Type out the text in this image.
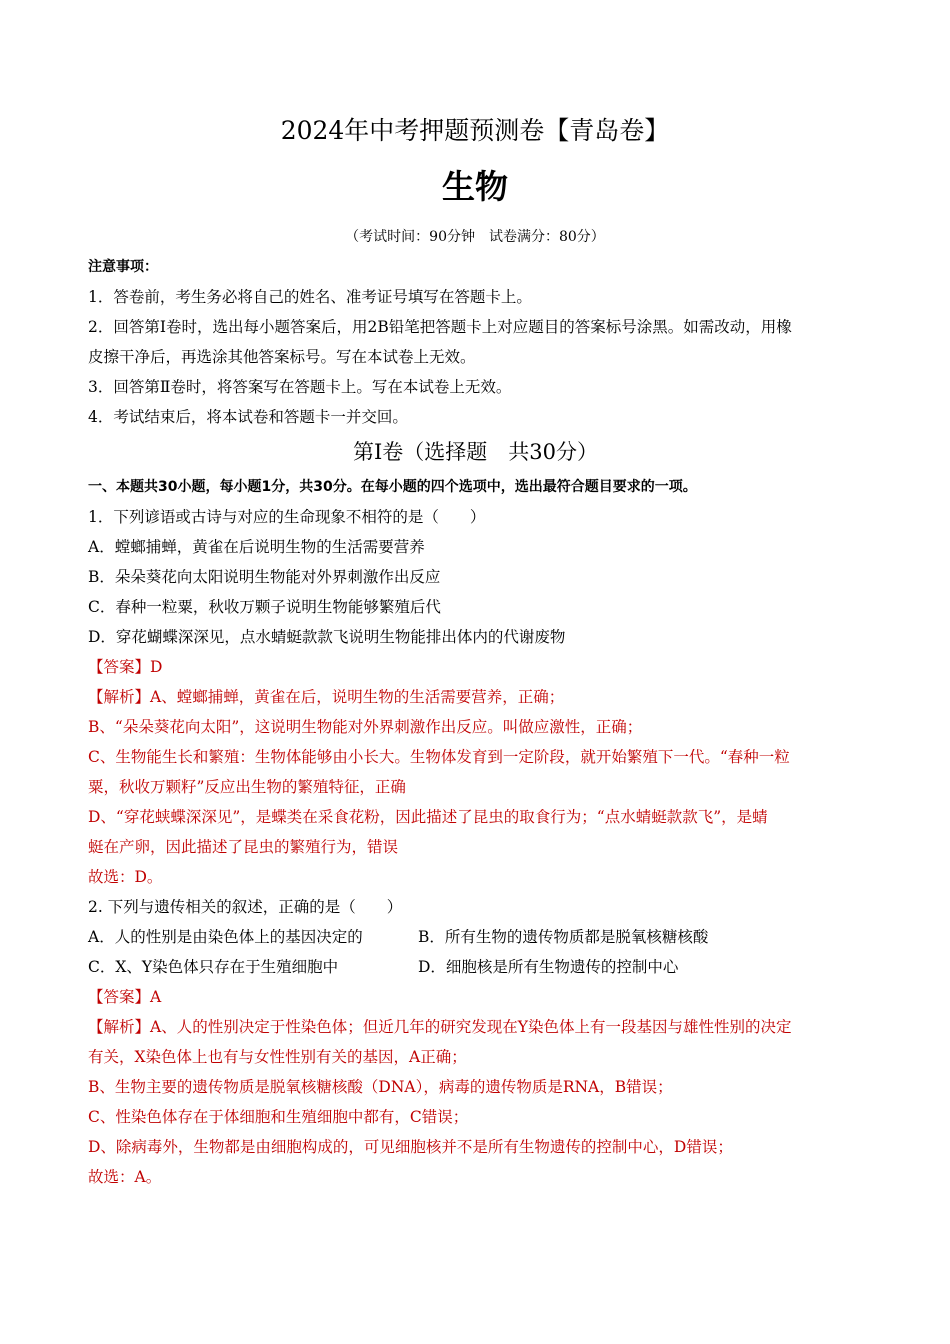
2024年中考押题预测卷【青岛卷】
生物
（考试时间：90分钟　试卷满分：80分）
注意事项：
1．答卷前，考生务必将自己的姓名、准考证号填写在答题卡上。
2．回答第Ⅰ卷时，选出每小题答案后，用2B铅笔把答题卡上对应题目的答案标号涂黑。如需改动，用橡
皮擦干净后，再选涂其他答案标号。写在本试卷上无效。
3．回答第Ⅱ卷时，将答案写在答题卡上。写在本试卷上无效。
4．考试结束后，将本试卷和答题卡一并交回。
第Ⅰ卷（选择题　共30分）
一、本题共30小题，每小题1分，共30分。在每小题的四个选项中，选出最符合题目要求的一项。
1．下列谚语或古诗与对应的生命现象不相符的是（　　）
A．螳螂捕蝉，黄雀在后说明生物的生活需要营养
B．朵朵葵花向太阳说明生物能对外界刺激作出反应
C．春种一粒粟，秋收万颗子说明生物能够繁殖后代
D．穿花蝴蝶深深见，点水蜻蜓款款飞说明生物能排出体内的代谢废物
【答案】D
【解析】A、螳螂捕蝉，黄雀在后，说明生物的生活需要营养，正确；
B、“朵朵葵花向太阳”，这说明生物能对外界刺激作出反应。叫做应激性，正确；
C、生物能生长和繁殖：生物体能够由小长大。生物体发育到一定阶段，就开始繁殖下一代。“春种一粒
粟，秋收万颗籽”反应出生物的繁殖特征，正确
D、“穿花蛱蝶深深见”，是蝶类在采食花粉，因此描述了昆虫的取食行为；“点水蜻蜓款款飞”，是蜻
蜓在产卵，因此描述了昆虫的繁殖行为，错误
故选：D。
2. 下列与遗传相关的叙述，正确的是（　　）
A．人的性别是由染色体上的基因决定的	B．所有生物的遗传物质都是脱氧核糖核酸
C．X、Y染色体只存在于生殖细胞中	D．细胞核是所有生物遗传的控制中心
【答案】A
【解析】A、人的性别决定于性染色体；但近几年的研究发现在Y染色体上有一段基因与雄性性别的决定
有关，X染色体上也有与女性性别有关的基因，A正确；
B、生物主要的遗传物质是脱氧核糖核酸（DNA），病毒的遗传物质是RNA，B错误；
C、性染色体存在于体细胞和生殖细胞中都有，C错误；
D、除病毒外，生物都是由细胞构成的，可见细胞核并不是所有生物遗传的控制中心，D错误；
故选：A。
